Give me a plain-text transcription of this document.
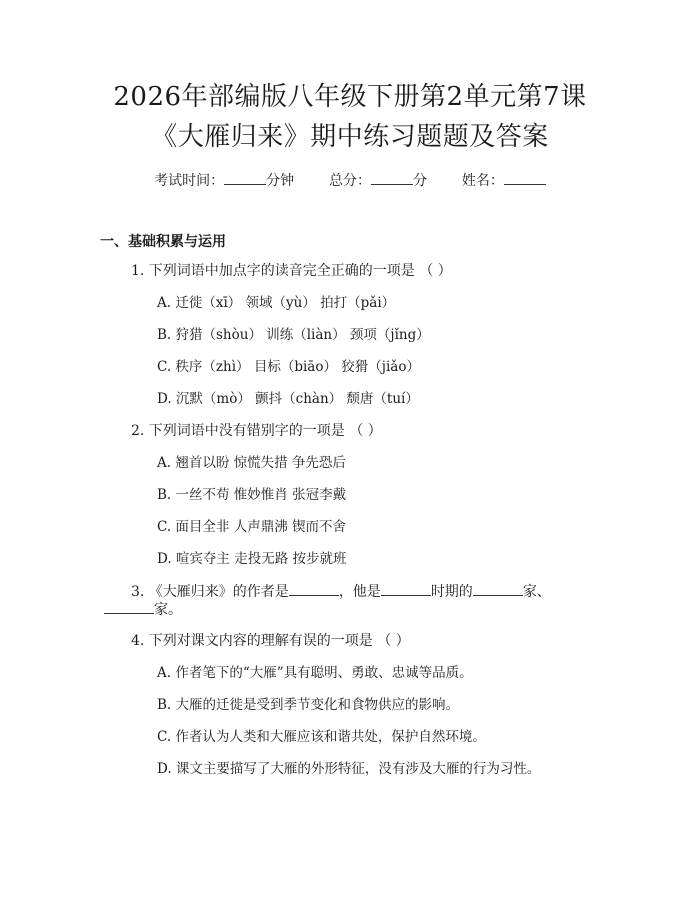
2026年部编版八年级下册第2单元第7课
《大雁归来》期中练习题题及答案
考试时间：	分钟 总分：	分 姓名：
一、基础积累与运用
1. 下列词语中加点字的读音完全正确的一项是 （ ）
A. 迁徙（xī） 领域（yù） 拍打（pǎi）
B. 狩猎（shòu） 训练（liàn） 颈项（jǐng）
C. 秩序（zhì） 目标（biāo） 狡猾（jiǎo）
D. 沉默（mò） 颤抖（chàn） 颓唐（tuí）
2. 下列词语中没有错别字的一项是 （ ）
A. 翘首以盼 惊慌失措 争先恐后
B. 一丝不苟 惟妙惟肖 张冠李戴
C. 面目全非 人声鼎沸 锲而不舍
D. 喧宾夺主 走投无路 按步就班
3. 《大雁归来》的作者是	，他是	时期的	家、
家。
4. 下列对课文内容的理解有误的一项是 （ ）
A. 作者笔下的“大雁”具有聪明、勇敢、忠诚等品质。
B. 大雁的迁徙是受到季节变化和食物供应的影响。
C. 作者认为人类和大雁应该和谐共处，保护自然环境。
D. 课文主要描写了大雁的外形特征，没有涉及大雁的行为习性。
